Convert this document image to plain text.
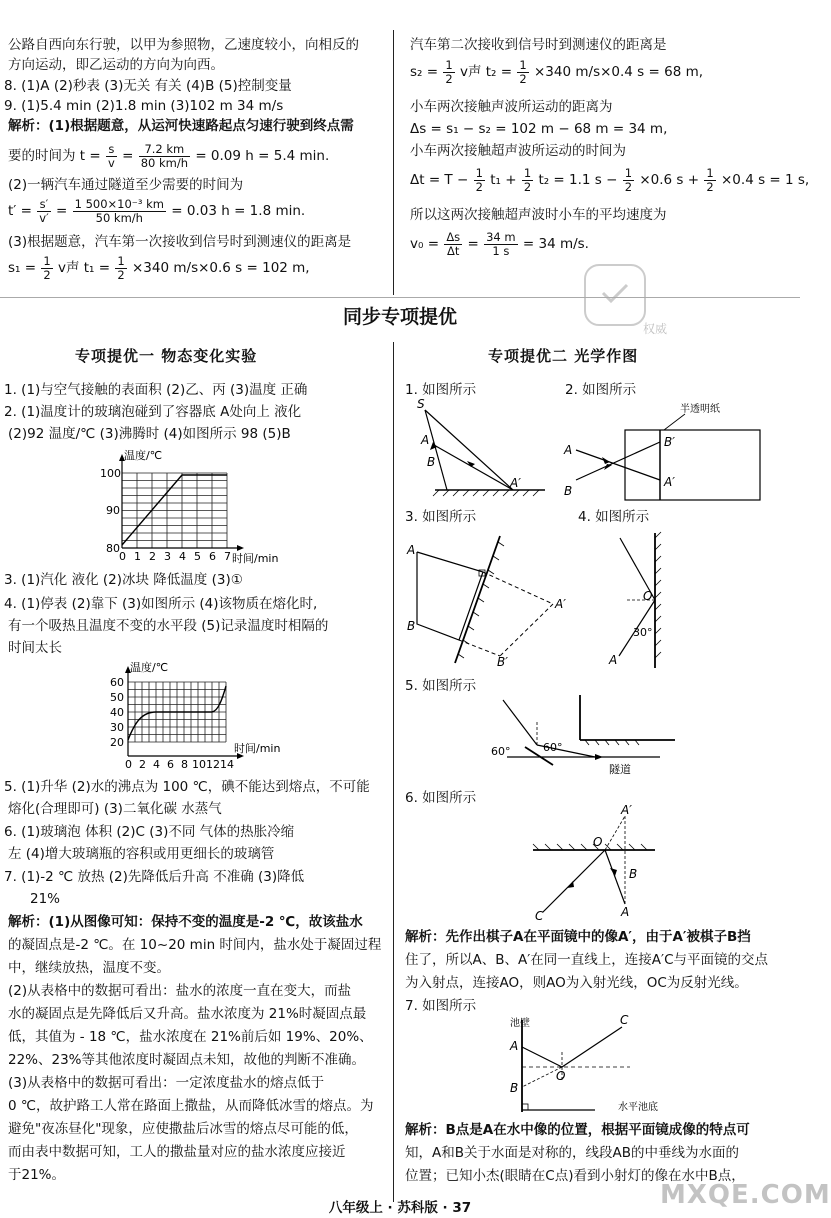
公路自西向东行驶，以甲为参照物，乙速度较小，向相反的
方向运动，即乙运动的方向为向西。
8. (1)A (2)秒表 (3)无关 有关 (4)B (5)控制变量
9. (1)5.4 min (2)1.8 min (3)102 m 34 m/s
解析：(1)根据题意，从运河快速路起点匀速行驶到终点需
要的时间为 $t = \frac{s}{v} = \frac{7.2 km}{80 km/h} = 0.09$ h = 5.4 min.
(2)一辆汽车通过隧道至少需要的时间为
$t' = \frac{s'}{v'} = \frac{\text{1 500×10⁻³ km}}{50 km/h} = 0.03$ h = 1.8 min.
(3)根据题意，汽车第一次接收到信号时到测速仪的距离是
$s_1 = \frac{1}{2}$ v声 $t_1 = \frac{1}{2} \times 340$ m/s×0.6 s = 102 m,
汽车第二次接收到信号时到测速仪的距离是
$s_2 = \frac{1}{2}$ v声 $t_2 = \frac{1}{2} \times 340$ m/s×0.4 s = 68 m,
小车两次接触声波所运动的距离为
Δs = s₁ − s₂ = 102 m − 68 m = 34 m,
小车两次接触超声波所运动的时间为
$\Delta t = T - \frac{1}{2} t_1 + \frac{1}{2} t_2 = 1.1$ $s - \frac{1}{2} \times 0.6$ $s + \frac{1}{2} \times 0.4$ s = 1 s,
所以这两次接触超声波时小车的平均速度为
$v_0 = \frac{\Delta s}{\Delta t} = \frac{34 m}{1 s} = 34$ m/s.
权威
同步专项提优
专项提优一 物态变化实验	专项提优二 光学作图
1. (1)与空气接触的表面积 (2)乙、丙 (3)温度 正确
2. (1)温度计的玻璃泡碰到了容器底 A处向上 液化
(2)92 温度/℃ (3)沸腾时 (4)如图所示 98 (5)B
温度/℃
时间/min
100
90
80
0 1 2 3 4 5 6 7
3. (1)汽化 液化 (2)冰块 降低温度 (3)①
4. (1)停表 (2)靠下 (3)如图所示 (4)该物质在熔化时,
有一个吸热且温度不变的水平段 (5)记录温度时相隔的
时间太长
温度/℃
时间/min
60
50
40
30
20
0 2 4 6 8 10 12 14
5. (1)升华 (2)水的沸点为 100 ℃，碘不能达到熔点，不可能
熔化(合理即可) (3)二氧化碳 水蒸气
6. (1)玻璃泡 体积 (2)C (3)不同 气体的热胀冷缩
左 (4)增大玻璃瓶的容积或用更细长的玻璃管
7. (1)-2 ℃ 放热 (2)先降低后升高 不准确 (3)降低
21%
解析：(1)从图像可知：保持不变的温度是-2 ℃，故该盐水
的凝固点是-2 ℃。在 10~20 min 时间内，盐水处于凝固过程
中，继续放热，温度不变。
(2)从表格中的数据可看出：盐水的浓度一直在变大，而盐
水的凝固点是先降低后又升高。盐水浓度为 21%时凝固点最
低，其值为 - 18 ℃，盐水浓度在 21%前后如 19%、20%、
22%、23%等其他浓度时凝固点未知，故他的判断不准确。
(3)从表格中的数据可看出：一定浓度盐水的熔点低于
0 ℃，故护路工人常在路面上撒盐，从而降低冰雪的熔点。为
避免"夜冻昼化"现象，应使撒盐后冰雪的熔点尽可能的低，
而由表中数据可知，工人的撒盐量对应的盐水浓度应接近
于21%。
1. 如图所示	2. 如图所示
S
A
B
A′
半透明纸
A
B
B′
A′
3. 如图所示	4. 如图所示
A
B
A′
B′	A
O
30°
5. 如图所示
60°	60°
隧道
6. 如图所示
A′
O
B
A
C
解析：先作出棋子A在平面镜中的像A′，由于A′被棋子B挡
住了，所以A、B、A′在同一直线上，连接A′C与平面镜的交点
为入射点，连接AO，则AO为入射光线，OC为反射光线。
7. 如图所示
池壁
A
B
C
O
水平池底
解析：B点是A在水中像的位置，根据平面镜成像的特点可
知，A和B关于水面是对称的，线段AB的中垂线为水面的
位置；已知小杰(眼睛在C点)看到小射灯的像在水中B点，
MXQE.COM
八年级上 · 苏科版 · 37
